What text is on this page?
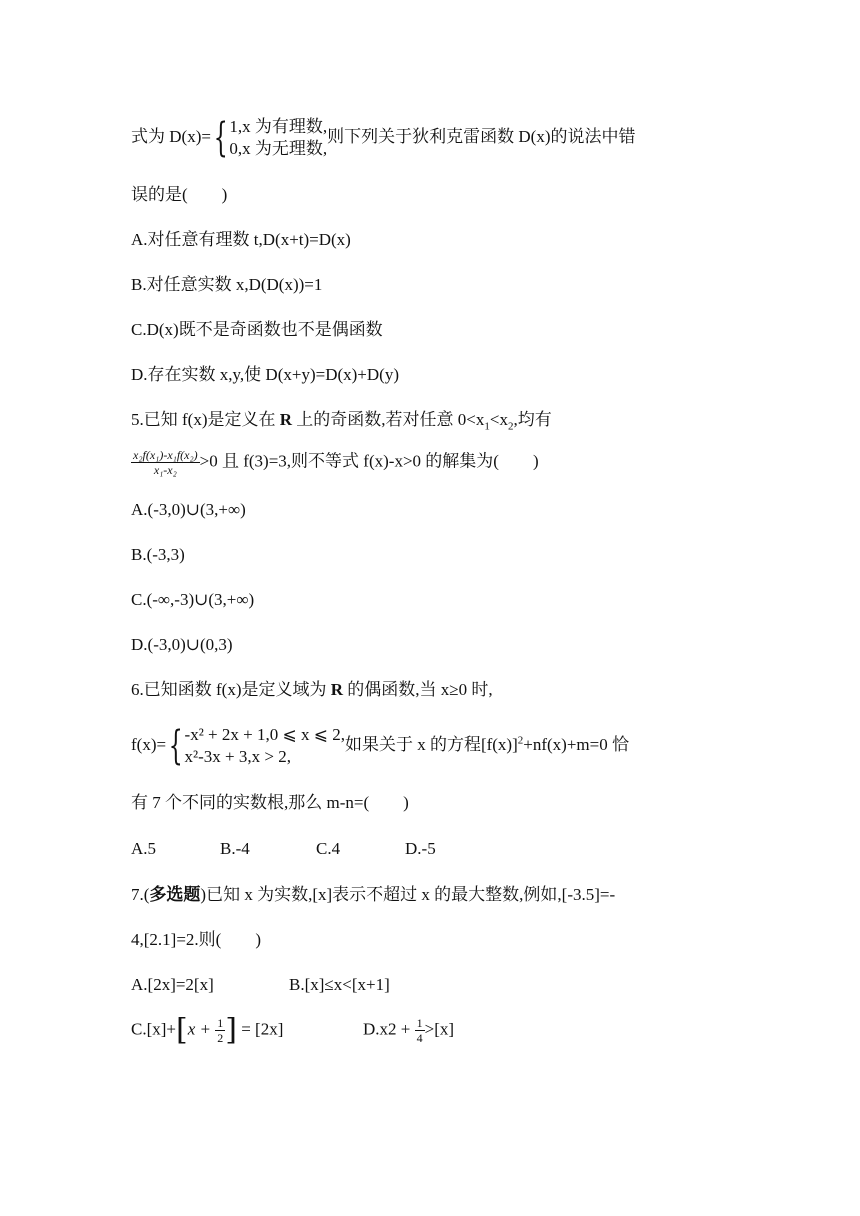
式为 D(x)= { 1,x 为有理数,
0,x 为无理数,
则下列关于狄利克雷函数 D(x)的说法中错
误的是(　　)
A.对任意有理数 t,D(x+t)=D(x)
B.对任意实数 x,D(D(x))=1
C.D(x)既不是奇函数也不是偶函数
D.存在实数 x,y,使 D(x+y)=D(x)+D(y)
5.已知 f(x)是定义在 R 上的奇函数,若对任意 $0<x_1<x_2$,均有
$\frac{\text{x₂f(x₁)-x₁f(x₂)}}{\text{x₁-x₂}} >0$ 且 f(3)=3,则不等式 f(x)-x>0 的解集为(　　)
A.(-3,0)∪(3,+∞)
B.(-3,3)
C.(-∞,-3)∪(3,+∞)
D.(-3,0)∪(0,3)
6.已知函数 f(x)是定义域为 R 的偶函数,当 x≥0 时,
f(x)= { -x² + 2x + 1,0 ⩽ x ⩽ 2,
x²-3x + 3,x > 2,
如果关于 x 的方程$[f(x)]^2+nf(x)+m=0$ 恰
有 7 个不同的实数根,那么 m-n=(　　)
A.5	B.-4	C.4	D.-5
7.(多选题)已知 x 为实数,[x]表示不超过 x 的最大整数,例如,[-3.5]=-
4,[2.1]=2.则(　　)
A.[2x]=2[x]	B.[x]≤x<[x+1]
$C.[x]+[x + \frac{1}{2}$ ] = [2x]	$D.x2 + \frac{1}{4} >[x]$
